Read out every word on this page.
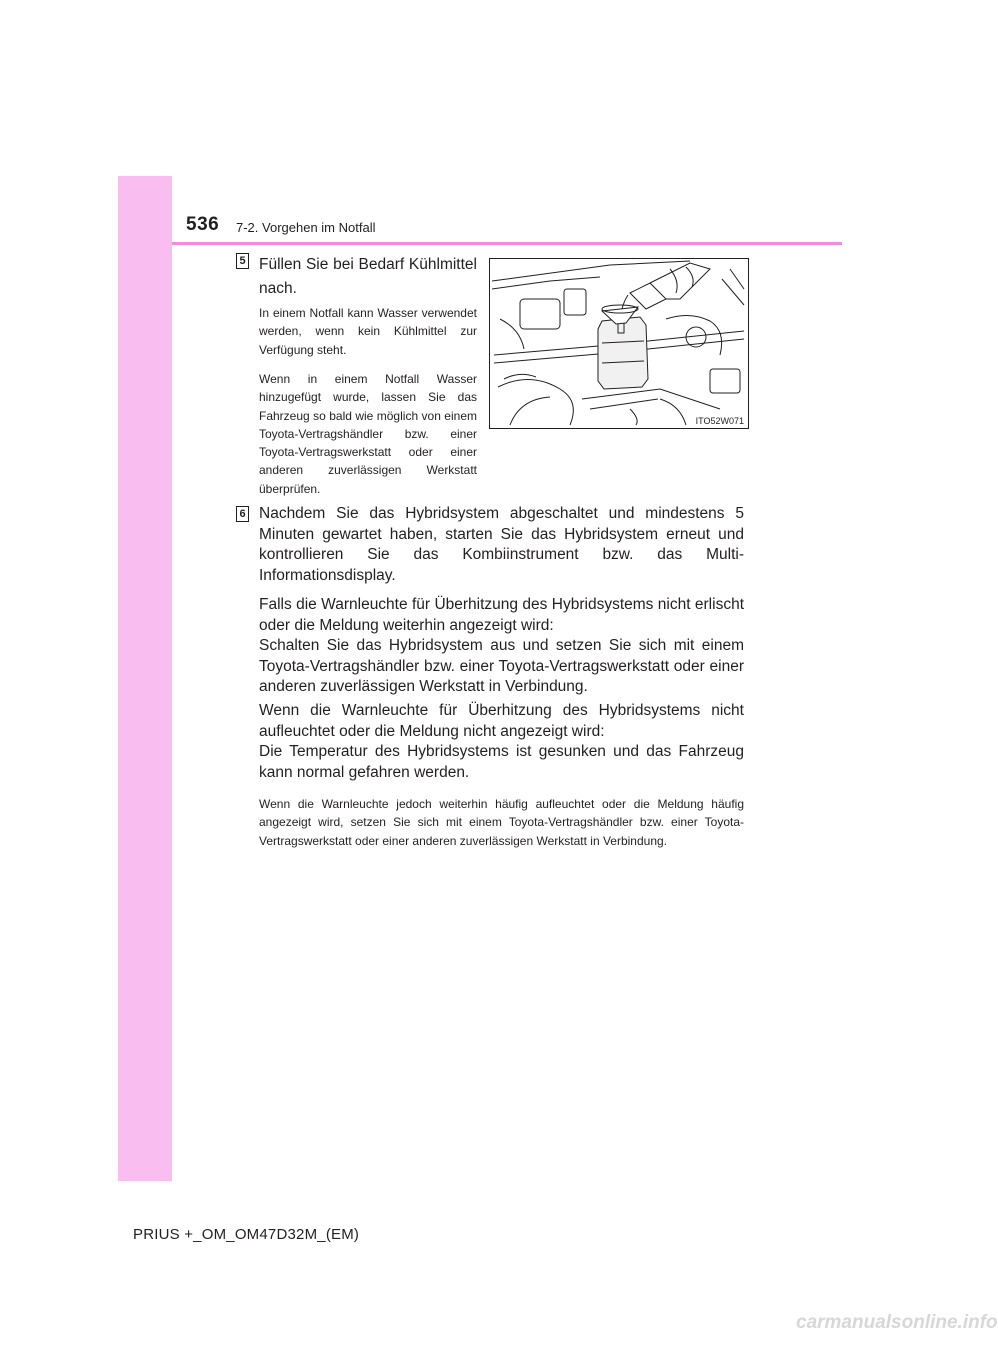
536 7-2. Vorgehen im Notfall
5 Füllen Sie bei Bedarf Kühlmittel nach.
In einem Notfall kann Wasser verwendet werden, wenn kein Kühlmittel zur Verfügung steht.
Wenn in einem Notfall Wasser hinzugefügt wurde, lassen Sie das Fahrzeug so bald wie möglich von einem Toyota-Vertragshändler bzw. einer Toyota-Vertragswerkstatt oder einer anderen zuverlässigen Werkstatt überprüfen.
ITO52W071
6 Nachdem Sie das Hybridsystem abgeschaltet und mindestens 5 Minuten gewartet haben, starten Sie das Hybridsystem erneut und kontrollieren Sie das Kombiinstrument bzw. das Multi-Informationsdisplay.
Falls die Warnleuchte für Überhitzung des Hybridsystems nicht erlischt oder die Meldung weiterhin angezeigt wird:
Schalten Sie das Hybridsystem aus und setzen Sie sich mit einem Toyota-Vertragshändler bzw. einer Toyota-Vertragswerkstatt oder einer anderen zuverlässigen Werkstatt in Verbindung.
Wenn die Warnleuchte für Überhitzung des Hybridsystems nicht aufleuchtet oder die Meldung nicht angezeigt wird:
Die Temperatur des Hybridsystems ist gesunken und das Fahrzeug kann normal gefahren werden.
Wenn die Warnleuchte jedoch weiterhin häufig aufleuchtet oder die Meldung häufig angezeigt wird, setzen Sie sich mit einem Toyota-Vertragshändler bzw. einer Toyota-Vertragswerkstatt oder einer anderen zuverlässigen Werkstatt in Verbindung.
PRIUS +_OM_OM47D32M_(EM)
carmanualsonline.info
